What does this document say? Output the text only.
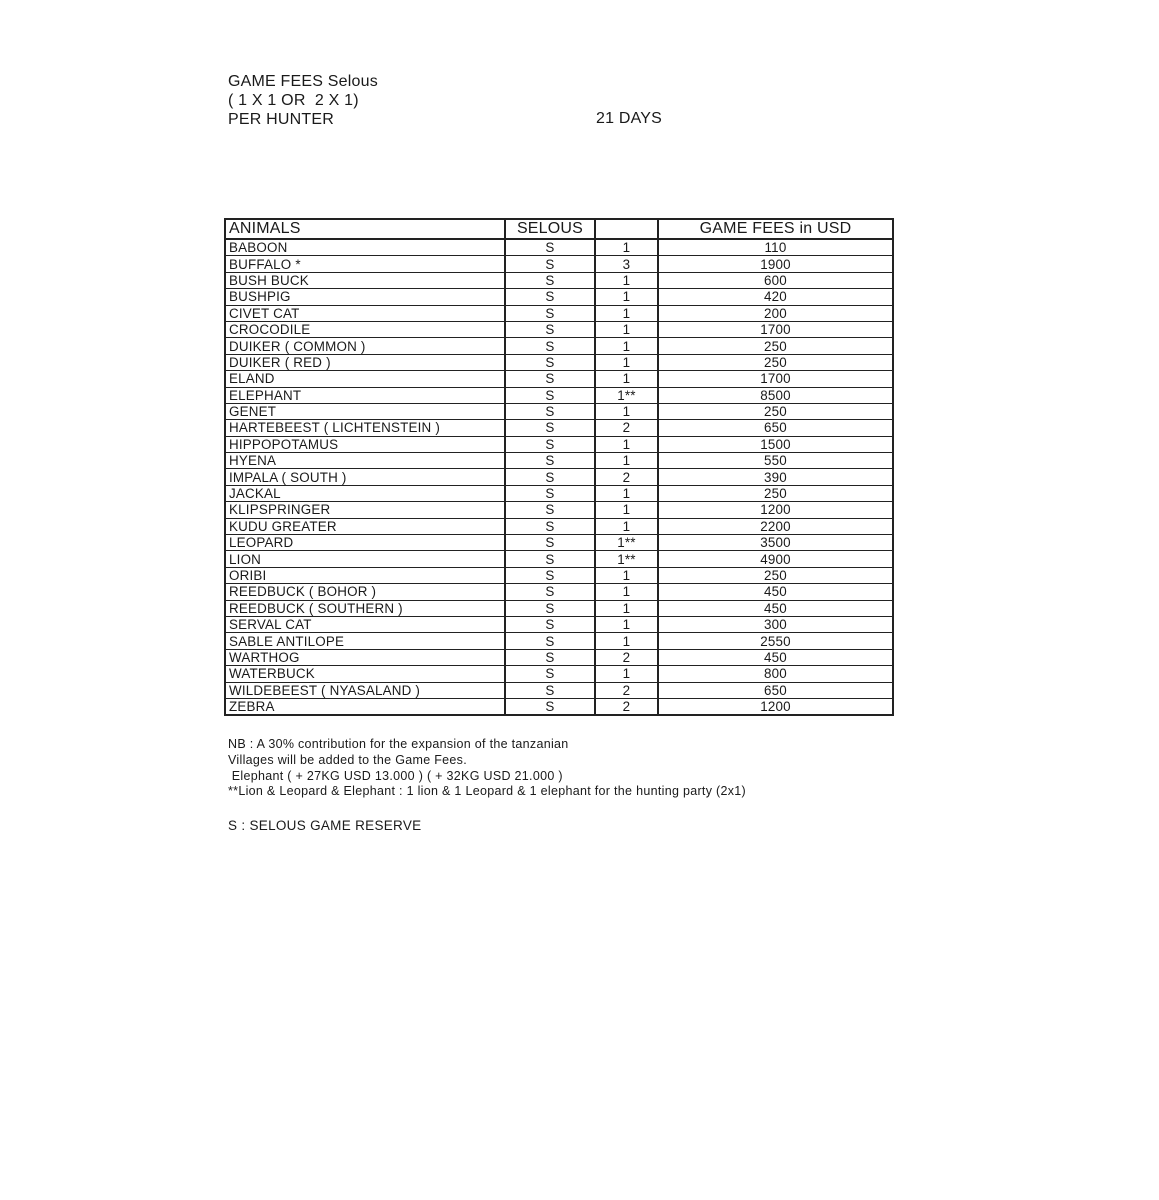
GAME FEES Selous
( 1 X 1 OR  2 X 1)
PER HUNTER	21 DAYS
ANIMALS	SELOUS		GAME FEES in USD
BABOON	S	1	110
BUFFALO *	S	3	1900
BUSH BUCK	S	1	600
BUSHPIG	S	1	420
CIVET CAT	S	1	200
CROCODILE	S	1	1700
DUIKER ( COMMON )	S	1	250
DUIKER ( RED )	S	1	250
ELAND	S	1	1700
ELEPHANT	S	1**	8500
GENET	S	1	250
HARTEBEEST ( LICHTENSTEIN )	S	2	650
HIPPOPOTAMUS	S	1	1500
HYENA	S	1	550
IMPALA ( SOUTH )	S	2	390
JACKAL	S	1	250
KLIPSPRINGER	S	1	1200
KUDU GREATER	S	1	2200
LEOPARD	S	1**	3500
LION	S	1**	4900
ORIBI	S	1	250
REEDBUCK ( BOHOR )	S	1	450
REEDBUCK ( SOUTHERN )	S	1	450
SERVAL CAT	S	1	300
SABLE ANTILOPE	S	1	2550
WARTHOG	S	2	450
WATERBUCK	S	1	800
WILDEBEEST ( NYASALAND )	S	2	650
ZEBRA	S	2	1200
NB : A 30% contribution for the expansion of the tanzanian
Villages will be added to the Game Fees.
Elephant ( + 27KG USD 13.000 ) ( + 32KG USD 21.000 )
**Lion & Leopard & Elephant : 1 lion & 1 Leopard & 1 elephant for the hunting party (2x1)
S : SELOUS GAME RESERVE
